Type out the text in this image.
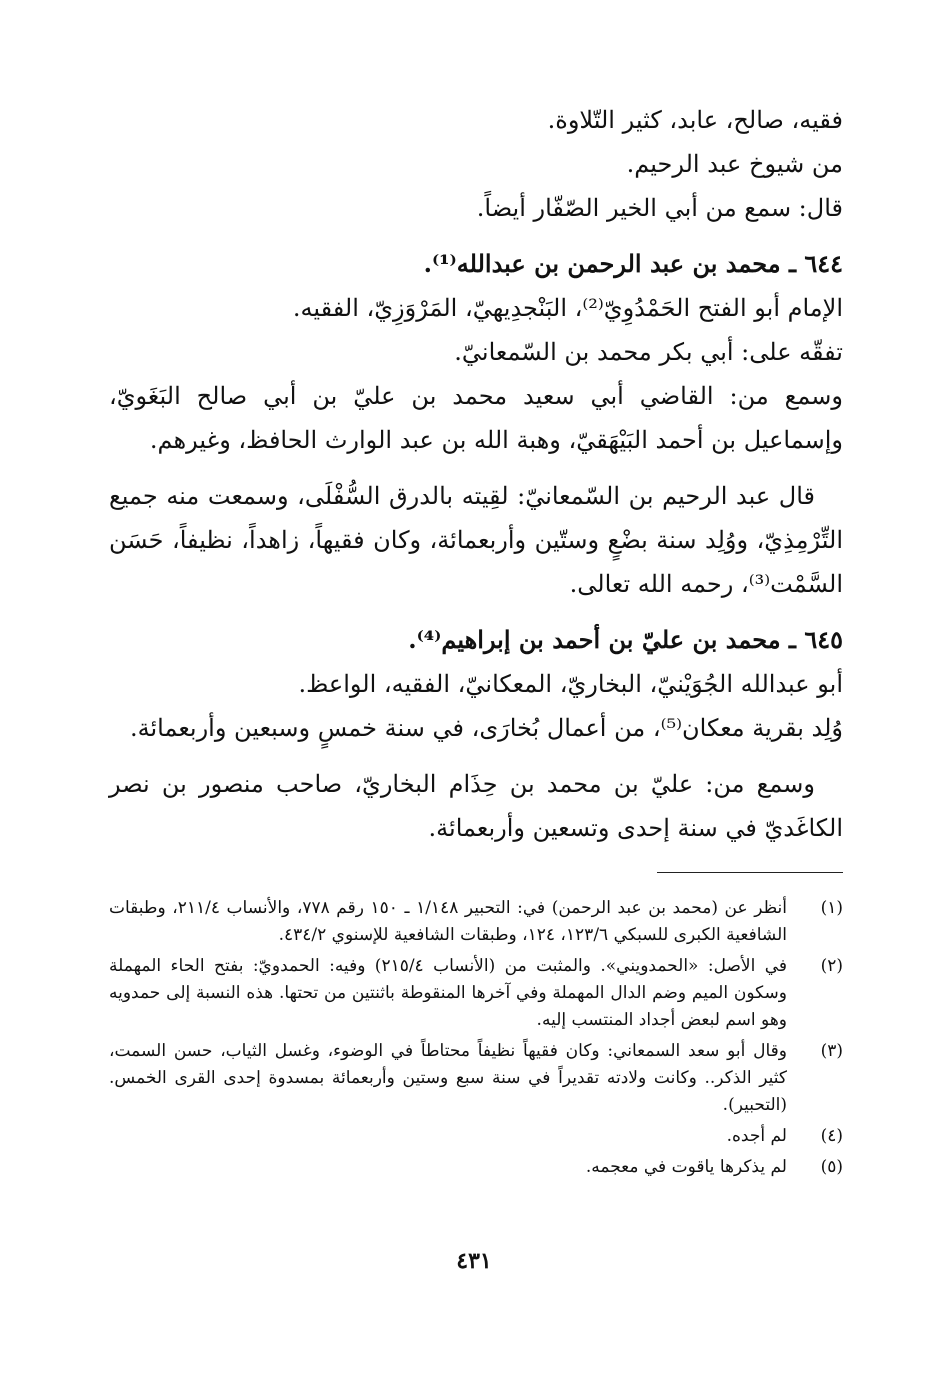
فقيه، صالح، عابد، كثير التّلاوة.

من شيوخ عبد الرحيم.

قال: سمع من أبي الخير الصّفّار أيضاً.

٦٤٤ ـ محمد بن عبد الرحمن بن عبدالله⁽¹⁾.

الإمام أبو الفتح الحَمْدُوِيّ⁽²⁾، البَنْجدِيهيّ، المَرْوَزِيّ، الفقيه.

تفقّه على: أبي بكر محمد بن السّمعانيّ.

وسمع من: القاضي أبي سعيد محمد بن عليّ بن أبي صالح البَغَويّ، وإسماعيل بن أحمد البَيْهَقيّ، وهبة الله بن عبد الوارث الحافظ، وغيرهم.

قال عبد الرحيم بن السّمعانيّ: لقِيته بالدرق السُّفْلَى، وسمعت منه جميع التِّرْمِذِيّ، ووُلِد سنة بضْعٍ وستّين وأربعمائة، وكان فقيهاً، زاهداً، نظيفاً، حَسَن السَّمْت⁽³⁾، رحمه الله تعالى.

٦٤٥ ـ محمد بن عليّ بن أحمد بن إبراهيم⁽⁴⁾.

أبو عبدالله الجُوَيْنيّ، البخاريّ، المعكانيّ، الفقيه، الواعظ.

وُلِد بقرية معكان⁽⁵⁾، من أعمال بُخارَى، في سنة خمسٍ وسبعين وأربعمائة.

وسمع من: عليّ بن محمد بن حِذَام البخاريّ، صاحب منصور بن نصر الكاغَديّ في سنة إحدى وتسعين وأربعمائة.

(١)
أنظر عن (محمد بن عبد الرحمن) في: التحبير ١/١٤٨ ـ ١٥٠ رقم ٧٧٨، والأنساب ٢١١/٤، وطبقات الشافعية الكبرى للسبكي ١٢٣/٦، ١٢٤، وطبقات الشافعية للإسنوي ٤٣٤/٢.
(٢)
في الأصل: «الحمدويني». والمثبت من (الأنساب ٢١٥/٤) وفيه: الحمدويّ: بفتح الحاء المهملة وسكون الميم وضم الدال المهملة وفي آخرها المنقوطة باثنتين من تحتها. هذه النسبة إلى حمدويه وهو اسم لبعض أجداد المنتسب إليه.
(٣)
وقال أبو سعد السمعاني: وكان فقيهاً نظيفاً محتاطاً في الوضوء، وغسل الثياب، حسن السمت، كثير الذكر.. وكانت ولادته تقديراً في سنة سبع وستين وأربعمائة بمسدوة إحدى القرى الخمس. (التحبير).
(٤)
لم أجده.
(٥)
لم يذكرها ياقوت في معجمه.
٤٣١
